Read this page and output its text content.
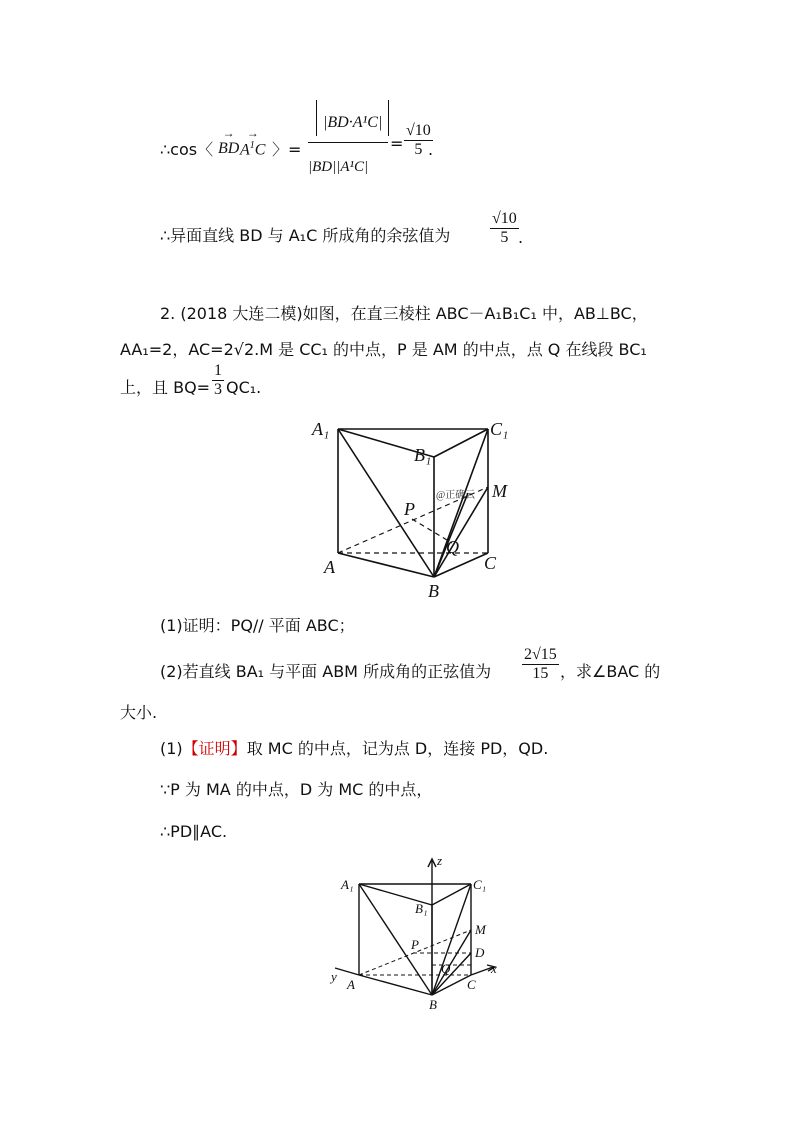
∴cos〈 → BD → $A^1C$ 〉=
|BD·A¹C|
|BD||A¹C|
=
√10
5 .
∴异面直线 BD 与 A₁C 所成角的余弦值为
√10
5 .
2. (2018 大连二模)如图，在直三棱柱 ABC－A₁B₁C₁ 中，AB⊥BC，
AA₁=2，AC=2√2.M 是 CC₁ 的中点，P 是 AM 的中点，点 Q 在线段 BC₁
上，且 BQ=
1
3 QC₁.
A₁	C₁
B₁
M
P
Q
A
B
C
@正确云
(1)证明：PQ// 平面 ABC；
(2)若直线 BA₁ 与平面 ABM 所成角的正弦值为
2√15
15 ，求∠BAC 的
大小.
(1)【证明】取 MC 的中点，记为点 D，连接 PD，QD.
∵P 为 MA 的中点，D 为 MC 的中点，
∴PD∥AC.
A₁	C₁
B₁
M
P
D
Q
A
B
C
x
y
z
